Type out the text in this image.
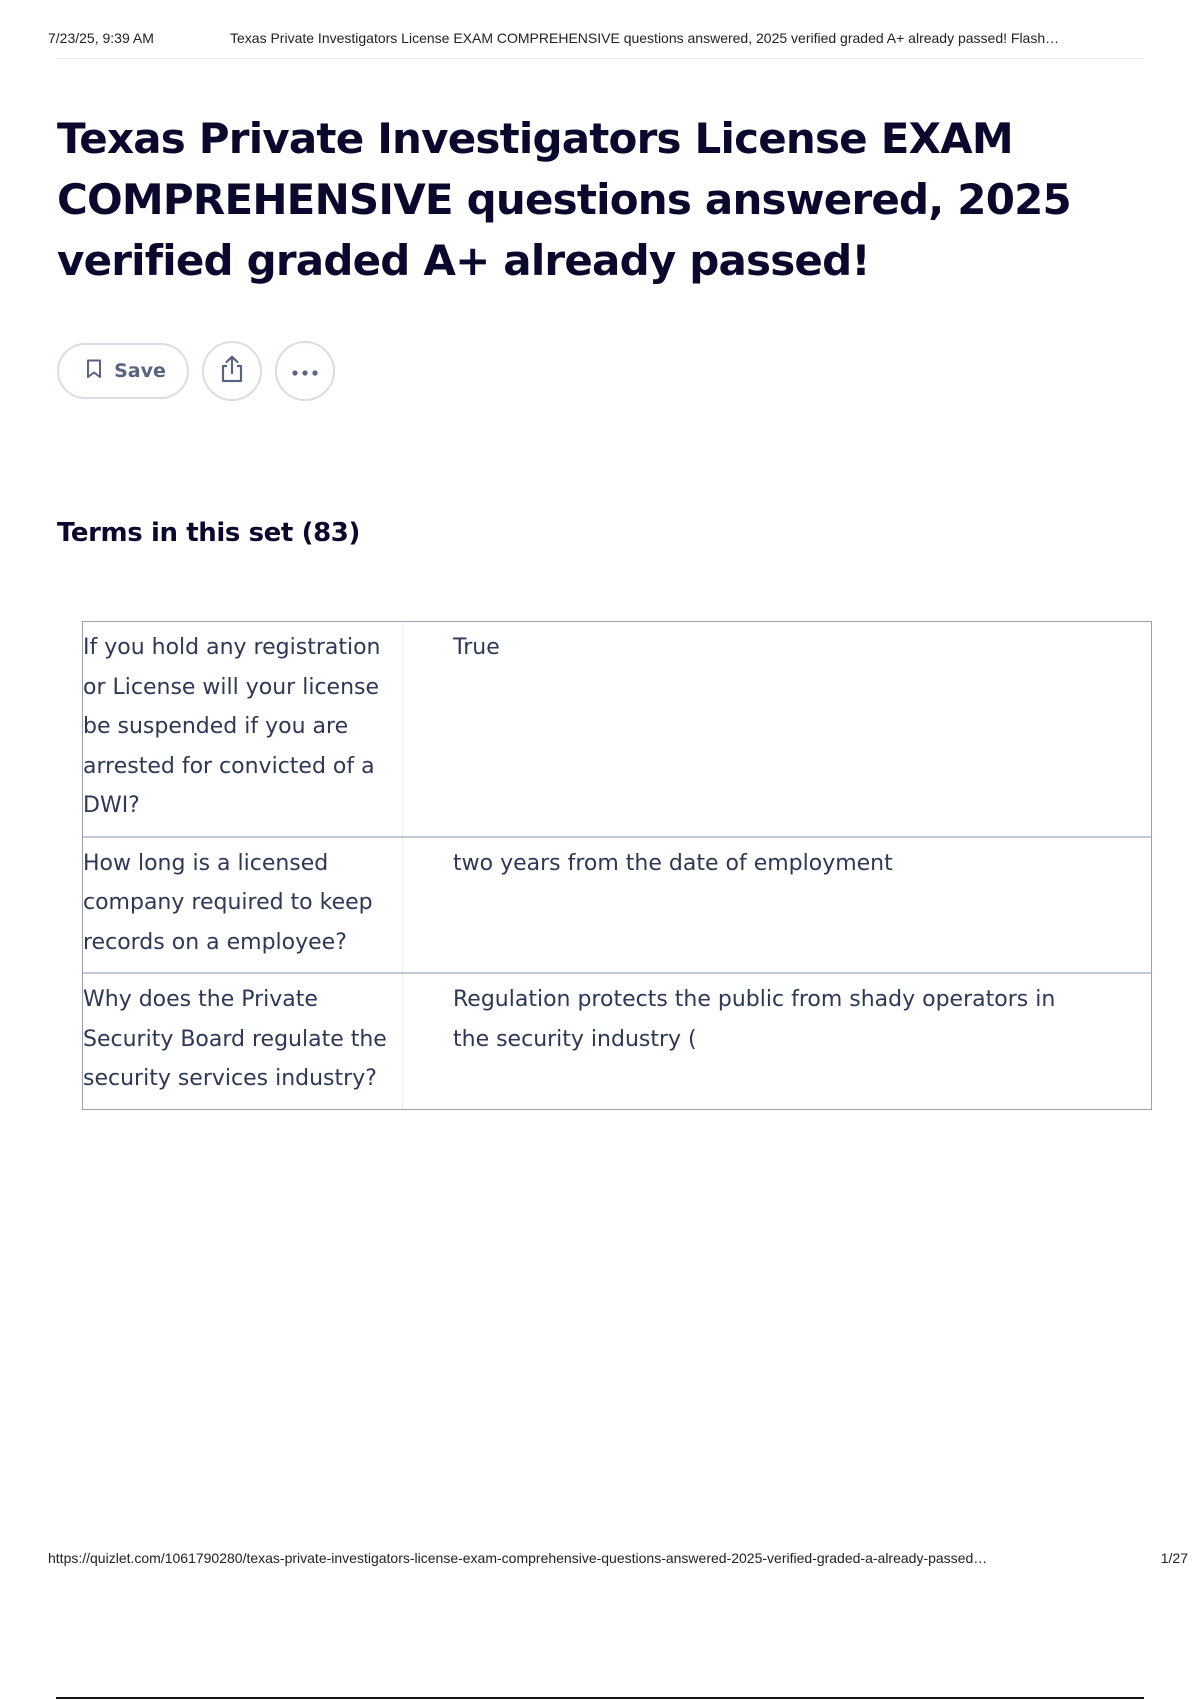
7/23/25, 9:39 AM	Texas Private Investigators License EXAM COMPREHENSIVE questions answered, 2025 verified graded A+ already passed! Flash…
Texas Private Investigators License EXAM COMPREHENSIVE questions answered, 2025 verified graded A+ already passed!
Save
Terms in this set (83)
If you hold any registration or License will your license be suspended if you are arrested for convicted of a DWI?
True
How long is a licensed company required to keep records on a employee?
two years from the date of employment
Why does the Private Security Board regulate the security services industry?
Regulation protects the public from shady operators in the security industry (
https://quizlet.com/1061790280/texas-private-investigators-license-exam-comprehensive-questions-answered-2025-verified-graded-a-already-passed…	1/27
